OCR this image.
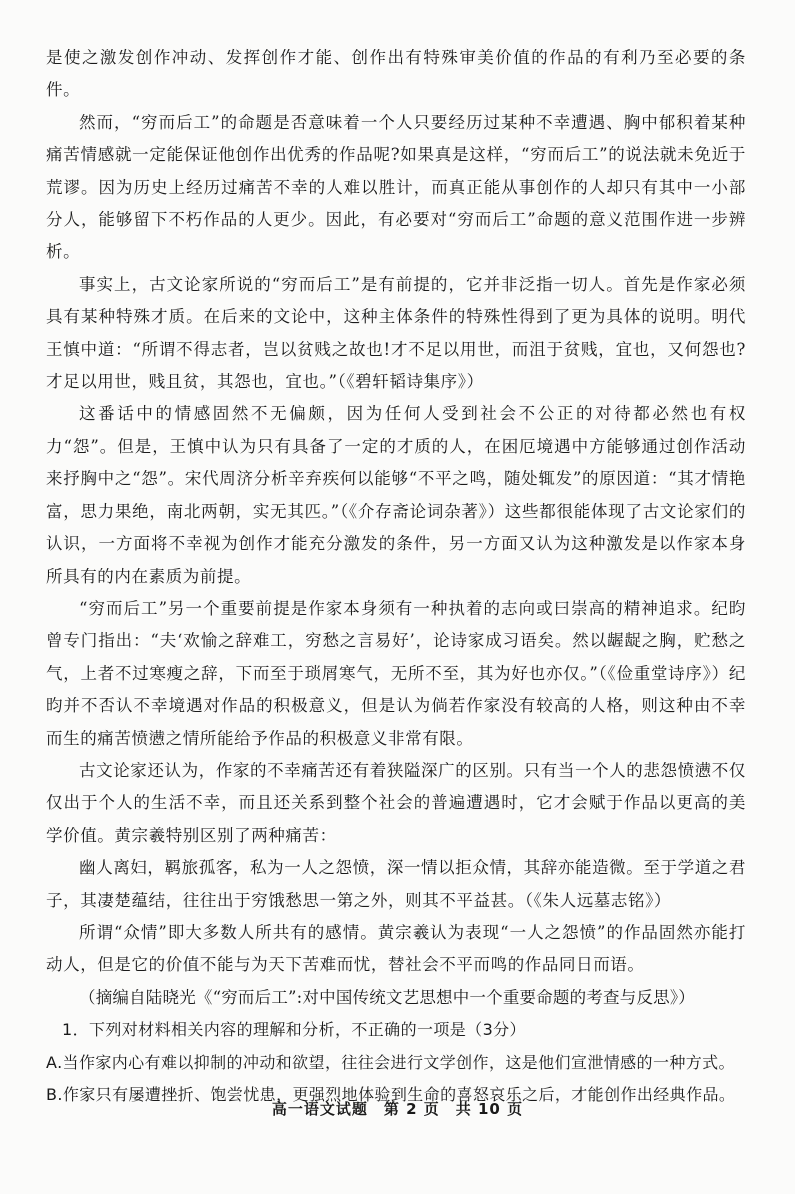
是使之激发创作冲动、发挥创作才能、创作出有特殊审美价值的作品的有利乃至必要的条件。

然而，“穷而后工”的命题是否意味着一个人只要经历过某种不幸遭遇、胸中郁积着某种痛苦情感就一定能保证他创作出优秀的作品呢?如果真是这样，“穷而后工”的说法就未免近于荒谬。因为历史上经历过痛苦不幸的人难以胜计，而真正能从事创作的人却只有其中一小部分人，能够留下不朽作品的人更少。因此，有必要对“穷而后工”命题的意义范围作进一步辨析。

事实上，古文论家所说的“穷而后工”是有前提的，它并非泛指一切人。首先是作家必须具有某种特殊才质。在后来的文论中，这种主体条件的特殊性得到了更为具体的说明。明代王慎中道：“所谓不得志者，岂以贫贱之故也!才不足以用世，而沮于贫贱，宜也，又何怨也?才足以用世，贱且贫，其怨也，宜也。”（《碧轩韬诗集序》）

这番话中的情感固然不无偏颇，因为任何人受到社会不公正的对待都必然也有权力“怨”。但是，王慎中认为只有具备了一定的才质的人，在困厄境遇中方能够通过创作活动来抒胸中之“怨”。宋代周济分析辛弃疾何以能够“不平之鸣，随处辄发”的原因道：“其才情艳富，思力果绝，南北两朝，实无其匹。”（《介存斋论词杂著》）这些都很能体现了古文论家们的认识，一方面将不幸视为创作才能充分激发的条件，另一方面又认为这种激发是以作家本身所具有的内在素质为前提。

“穷而后工”另一个重要前提是作家本身须有一种执着的志向或曰崇高的精神追求。纪昀曾专门指出：“夫‘欢愉之辞难工，穷愁之言易好’，论诗家成习语矣。然以龌龊之胸，贮愁之气，上者不过寒瘦之辞，下而至于琐屑寒气，无所不至，其为好也亦仅。”（《俭重堂诗序》）纪昀并不否认不幸境遇对作品的积极意义，但是认为倘若作家没有较高的人格，则这种由不幸而生的痛苦愤懑之情所能给予作品的积极意义非常有限。

古文论家还认为，作家的不幸痛苦还有着狭隘深广的区别。只有当一个人的悲怨愤懑不仅仅出于个人的生活不幸，而且还关系到整个社会的普遍遭遇时，它才会赋于作品以更高的美学价值。黄宗羲特别区别了两种痛苦：

幽人离妇，羁旅孤客，私为一人之怨愤，深一情以拒众情，其辞亦能造微。至于学道之君子，其凄楚蕴结，往往出于穷饿愁思一第之外，则其不平益甚。（《朱人远墓志铭》）

所谓“众情”即大多数人所共有的感情。黄宗羲认为表现“一人之怨愤”的作品固然亦能打动人，但是它的价值不能与为天下苦难而忧，替社会不平而鸣的作品同日而语。

（摘编自陆晓光《“穷而后工”:对中国传统文艺思想中一个重要命题的考查与反思》）

1．下列对材料相关内容的理解和分析，不正确的一项是（3分）

A.当作家内心有难以抑制的冲动和欲望，往往会进行文学创作，这是他们宣泄情感的一种方式。

B.作家只有屡遭挫折、饱尝忧患，更强烈地体验到生命的喜怒哀乐之后，才能创作出经典作品。

高一语文试题　第 2 页　共 10 页
